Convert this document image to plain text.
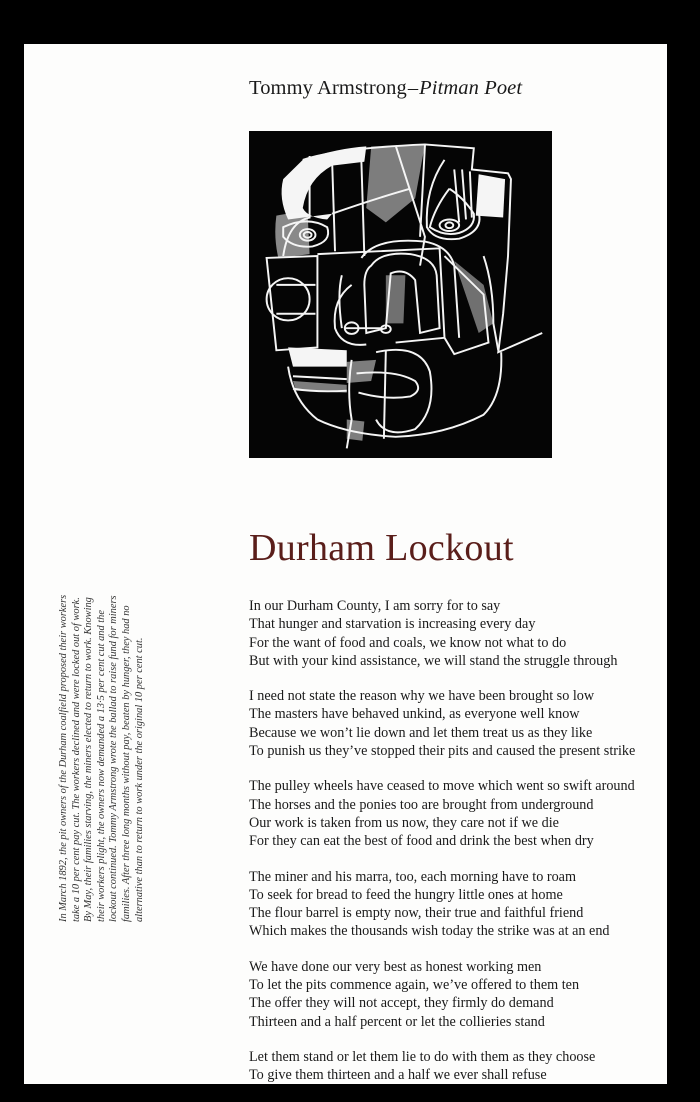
Tommy Armstrong–Pitman Poet
Durham Lockout
In March 1892, the pit owners of the Durham coalfield proposed their workers take a 10 per cent pay cut. The workers declined and were locked out of work. By May, their families starving, the miners elected to return to work. Knowing their workers plight, the owners now demanded a 13·5 per cent cut and the lockout continued. Tommy Armstrong wrote the ballad to raise fund for miners families. After three long months without pay, beaten by hunger, they had no alternative than to return to work under the original 10 per cent cut.
In our Durham County, I am sorry for to say
That hunger and starvation is increasing every day
For the want of food and coals, we know not what to do
But with your kind assistance, we will stand the struggle through
I need not state the reason why we have been brought so low
The masters have behaved unkind, as everyone well know
Because we won’t lie down and let them treat us as they like
To punish us they’ve stopped their pits and caused the present strike
The pulley wheels have ceased to move which went so swift around
The horses and the ponies too are brought from underground
Our work is taken from us now, they care not if we die
For they can eat the best of food and drink the best when dry
The miner and his marra, too, each morning have to roam
To seek for bread to feed the hungry little ones at home
The flour barrel is empty now, their true and faithful friend
Which makes the thousands wish today the strike was at an end
We have done our very best as honest working men
To let the pits commence again, we’ve offered to them ten
The offer they will not accept, they firmly do demand
Thirteen and a half percent or let the collieries stand
Let them stand or let them lie to do with them as they choose
To give them thirteen and a half we ever shall refuse
